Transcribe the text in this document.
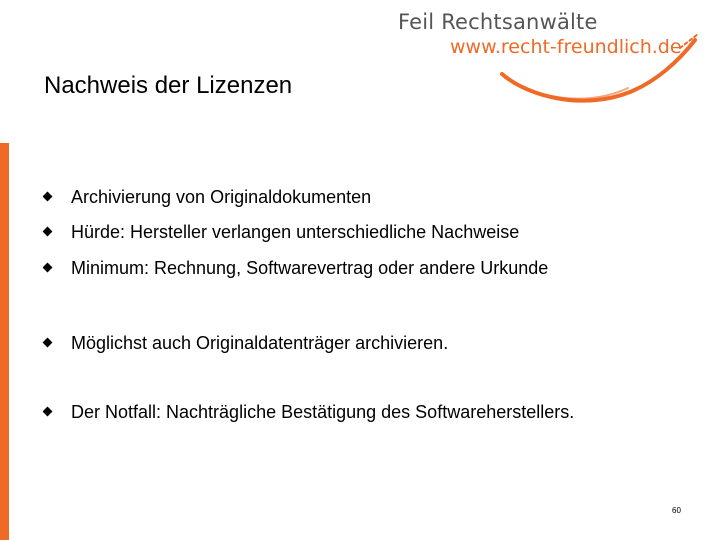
Feil Rechtsanwälte
www.recht-freundlich.de
Nachweis der Lizenzen
Archivierung von Originaldokumenten
Hürde: Hersteller verlangen unterschiedliche Nachweise
Minimum: Rechnung, Softwarevertrag oder andere Urkunde
Möglichst auch Originaldatenträger archivieren.
Der Notfall: Nachträgliche Bestätigung des Softwareherstellers.
60
